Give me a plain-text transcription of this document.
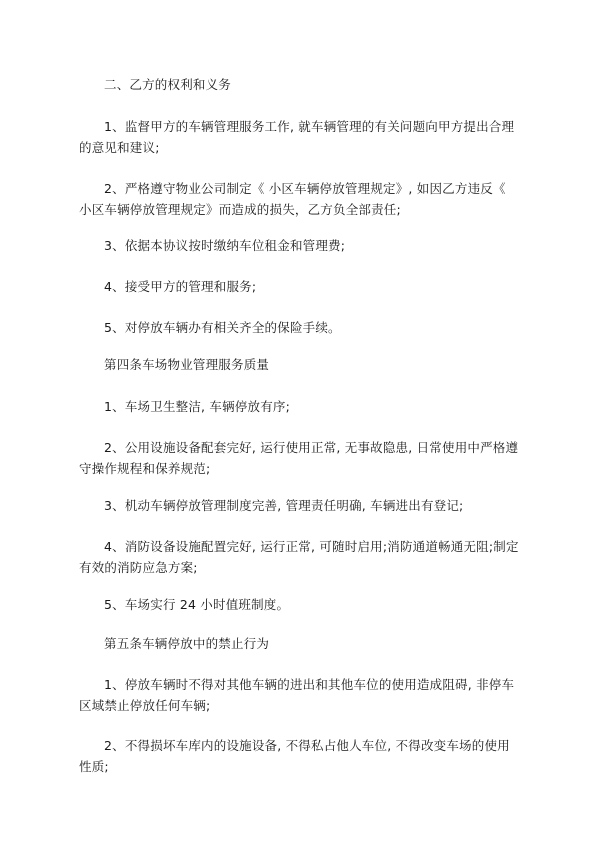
二、乙方的权利和义务

1、监督甲方的车辆管理服务工作, 就车辆管理的有关问题向甲方提出合理的意见和建议;

2、严格遵守物业公司制定《 小区车辆停放管理规定》, 如因乙方违反《 小区车辆停放管理规定》而造成的损失，乙方负全部责任;

3、依据本协议按时缴纳车位租金和管理费;

4、接受甲方的管理和服务;

5、对停放车辆办有相关齐全的保险手续。

第四条车场物业管理服务质量

1、车场卫生整洁, 车辆停放有序;

2、公用设施设备配套完好, 运行使用正常, 无事故隐患, 日常使用中严格遵守操作规程和保养规范;

3、机动车辆停放管理制度完善, 管理责任明确, 车辆进出有登记;

4、消防设备设施配置完好, 运行正常, 可随时启用;消防通道畅通无阻;制定有效的消防应急方案;

5、车场实行 24 小时值班制度。

第五条车辆停放中的禁止行为

1、停放车辆时不得对其他车辆的进出和其他车位的使用造成阻碍, 非停车区域禁止停放任何车辆;

2、不得损坏车库内的设施设备, 不得私占他人车位, 不得改变车场的使用性质;
